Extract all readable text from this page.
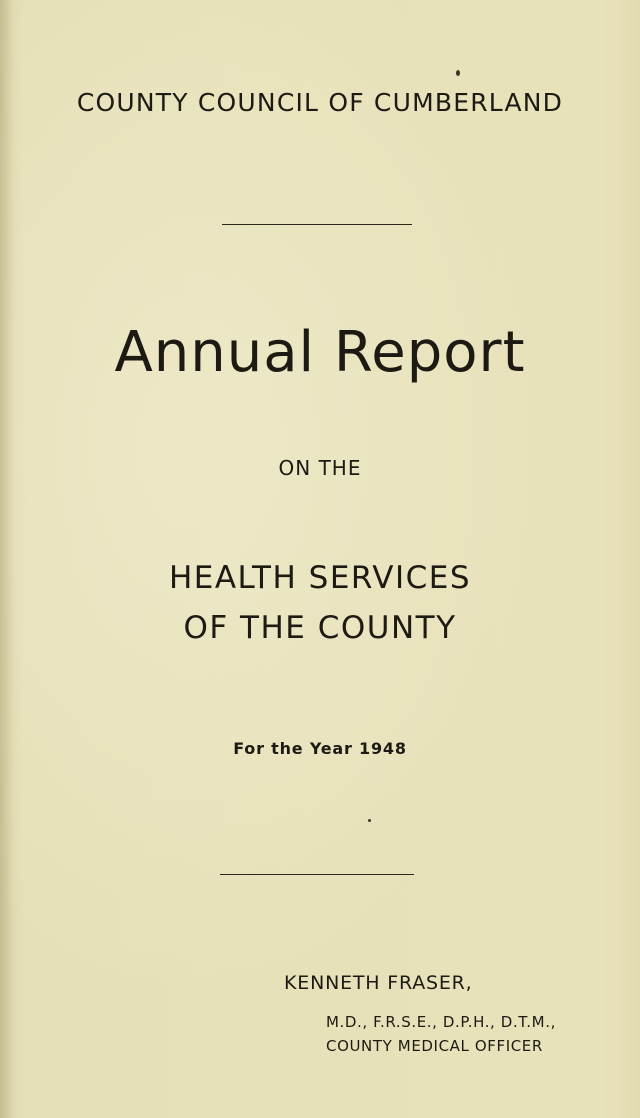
COUNTY COUNCIL OF CUMBERLAND
Annual Report
ON THE
HEALTH SERVICES
OF THE COUNTY
For the Year 1948
KENNETH FRASER,
M.D., F.R.S.E., D.P.H., D.T.M.,
COUNTY MEDICAL OFFICER
